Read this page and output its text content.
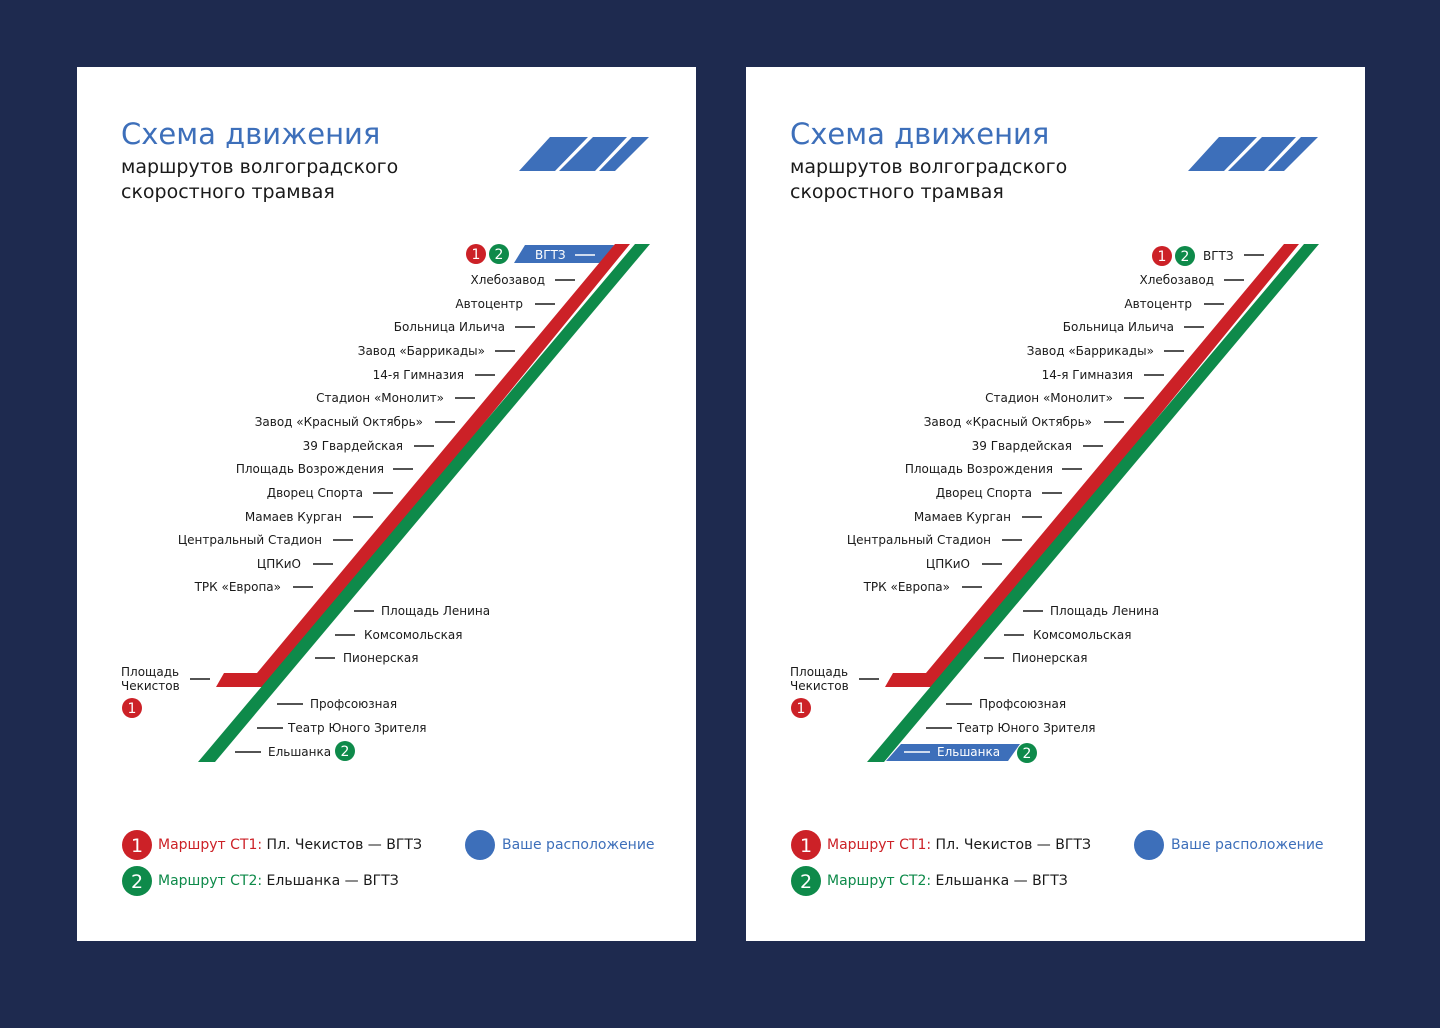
1 2
1
2
1
2
Схема движения
маршрутов волгоградского
скоростного трамвая
ВГТЗ
Хлебозавод
Автоцентр
Больница Ильича
Завод «Баррикады»
14-я Гимназия
Стадион «Монолит»
Завод «Красный Октябрь»
39 Гвардейская
Площадь Возрождения
Дворец Спорта
Мамаев Курган
Центральный Стадион
ЦПКиО
ТРК «Европа»
Площадь Ленина
Комсомольская
Пионерская
Площадь
Чекистов
Профсоюзная
Театр Юного Зрителя
Ельшанка
Маршрут СТ1: Пл. Чекистов — ВГТЗ
Маршрут СТ2: Ельшанка — ВГТЗ
Ваше расположение
1 2
1
2
1
2
Схема движения
маршрутов волгоградского
скоростного трамвая
ВГТЗ
Хлебозавод
Автоцентр
Больница Ильича
Завод «Баррикады»
14-я Гимназия
Стадион «Монолит»
Завод «Красный Октябрь»
39 Гвардейская
Площадь Возрождения
Дворец Спорта
Мамаев Курган
Центральный Стадион
ЦПКиО
ТРК «Европа»
Площадь Ленина
Комсомольская
Пионерская
Площадь
Чекистов
Профсоюзная
Театр Юного Зрителя
Ельшанка
Маршрут СТ1: Пл. Чекистов — ВГТЗ
Маршрут СТ2: Ельшанка — ВГТЗ
Ваше расположение
